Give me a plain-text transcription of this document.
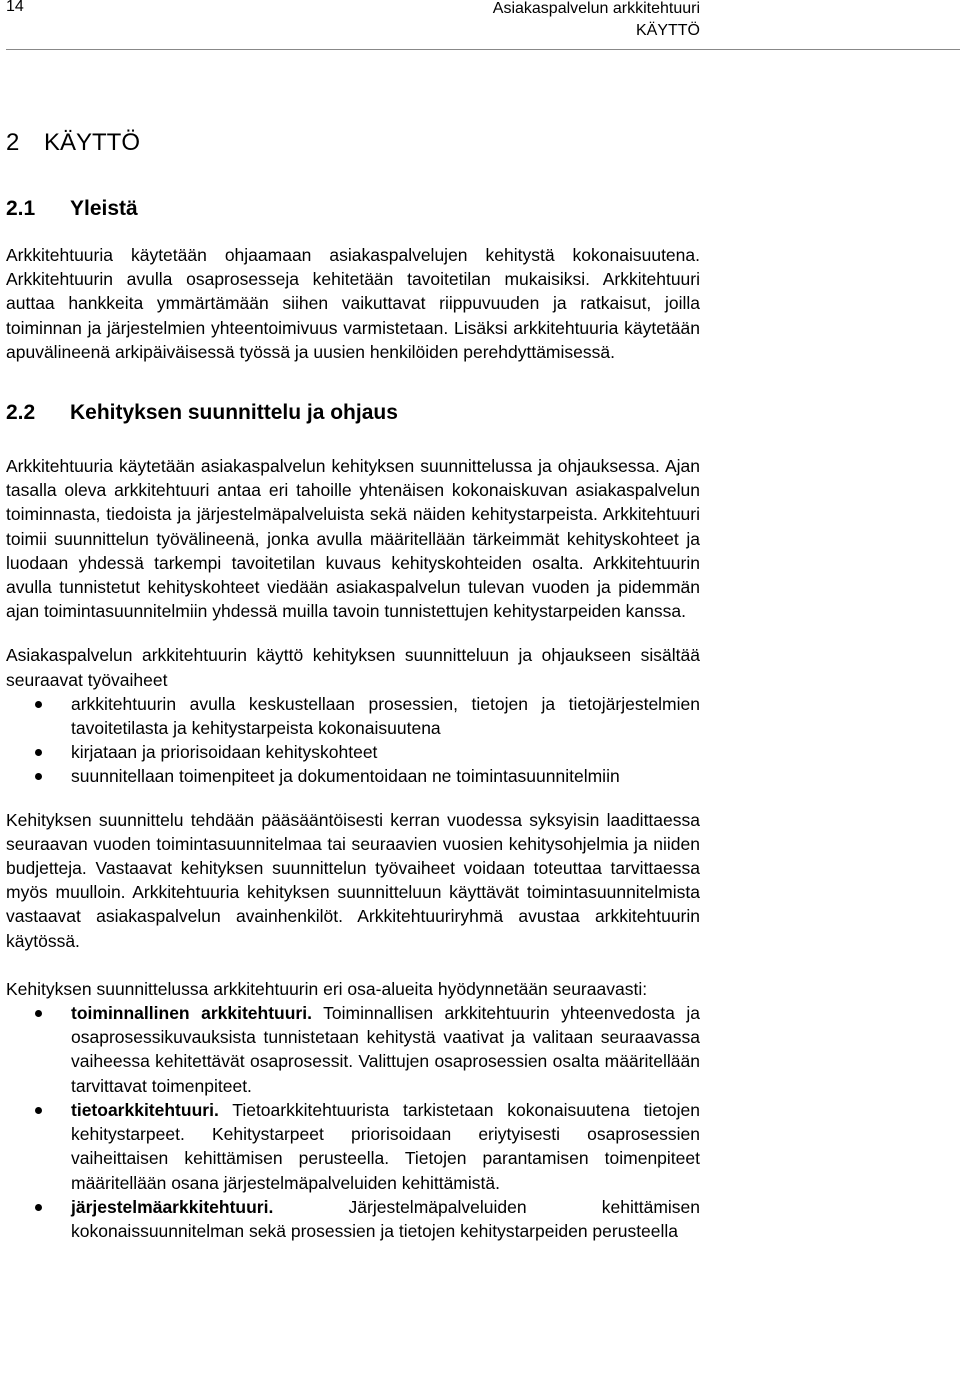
14	Asiakaspalvelun arkkitehtuuri
KÄYTTÖ
2 KÄYTTÖ
2.1 Yleistä

Arkkitehtuuria käytetään ohjaamaan asiakaspalvelujen kehitystä kokonaisuutena. Arkkitehtuurin avulla osaprosesseja kehitetään tavoitetilan mukaisiksi. Arkkitehtuuri auttaa hankkeita ymmärtämään siihen vaikuttavat riippuvuuden ja ratkaisut, joilla toiminnan ja järjestelmien yhteentoimivuus varmistetaan. Lisäksi arkkitehtuuria käytetään apuvälineenä arkipäiväisessä työssä ja uusien henkilöiden perehdyttämisessä.

2.2 Kehityksen suunnittelu ja ohjaus

Arkkitehtuuria käytetään asiakaspalvelun kehityksen suunnittelussa ja ohjauksessa. Ajan tasalla oleva arkkitehtuuri antaa eri tahoille yhtenäisen kokonaiskuvan asiakaspalvelun toiminnasta, tiedoista ja järjestelmäpalveluista sekä näiden kehitystarpeista. Arkkitehtuuri toimii suunnittelun työvälineenä, jonka avulla määritellään tärkeimmät kehityskohteet ja luodaan yhdessä tarkempi tavoitetilan kuvaus kehityskohteiden osalta. Arkkitehtuurin avulla tunnistetut kehityskohteet viedään asiakaspalvelun tulevan vuoden ja pidemmän ajan toimintasuunnitelmiin yhdessä muilla tavoin tunnistettujen kehitystarpeiden kanssa.

Asiakaspalvelun arkkitehtuurin käyttö kehityksen suunnitteluun ja ohjaukseen sisältää seuraavat työvaiheet

arkkitehtuurin avulla keskustellaan prosessien, tietojen ja tietojärjestelmien tavoitetilasta ja kehitystarpeista kokonaisuutena
kirjataan ja priorisoidaan kehityskohteet
suunnitellaan toimenpiteet ja dokumentoidaan ne toimintasuunnitelmiin

Kehityksen suunnittelu tehdään pääsääntöisesti kerran vuodessa syksyisin laadittaessa seuraavan vuoden toimintasuunnitelmaa tai seuraavien vuosien kehitysohjelmia ja niiden budjetteja. Vastaavat kehityksen suunnittelun työvaiheet voidaan toteuttaa tarvittaessa myös muulloin. Arkkitehtuuria kehityksen suunnitteluun käyttävät toimintasuunnitelmista vastaavat asiakaspalvelun avainhenkilöt. Arkkitehtuuriryhmä avustaa arkkitehtuurin käytössä.

Kehityksen suunnittelussa arkkitehtuurin eri osa-alueita hyödynnetään seuraavasti:

toiminnallinen arkkitehtuuri. Toiminnallisen arkkitehtuurin yhteenvedosta ja osaprosessikuvauksista tunnistetaan kehitystä vaativat ja valitaan seuraavassa vaiheessa kehitettävät osaprosessit. Valittujen osaprosessien osalta määritellään tarvittavat toimenpiteet.
tietoarkkitehtuuri. Tietoarkkitehtuurista tarkistetaan kokonaisuutena tietojen kehitystarpeet. Kehitystarpeet priorisoidaan eriytyisesti osaprosessien vaiheittaisen kehittämisen perusteella. Tietojen parantamisen toimenpiteet määritellään osana järjestelmäpalveluiden kehittämistä.
järjestelmäarkkitehtuuri.	Järjestelmäpalveluiden kehittämisen kokonaissuunnitelman sekä prosessien ja tietojen kehitystarpeiden perusteella
